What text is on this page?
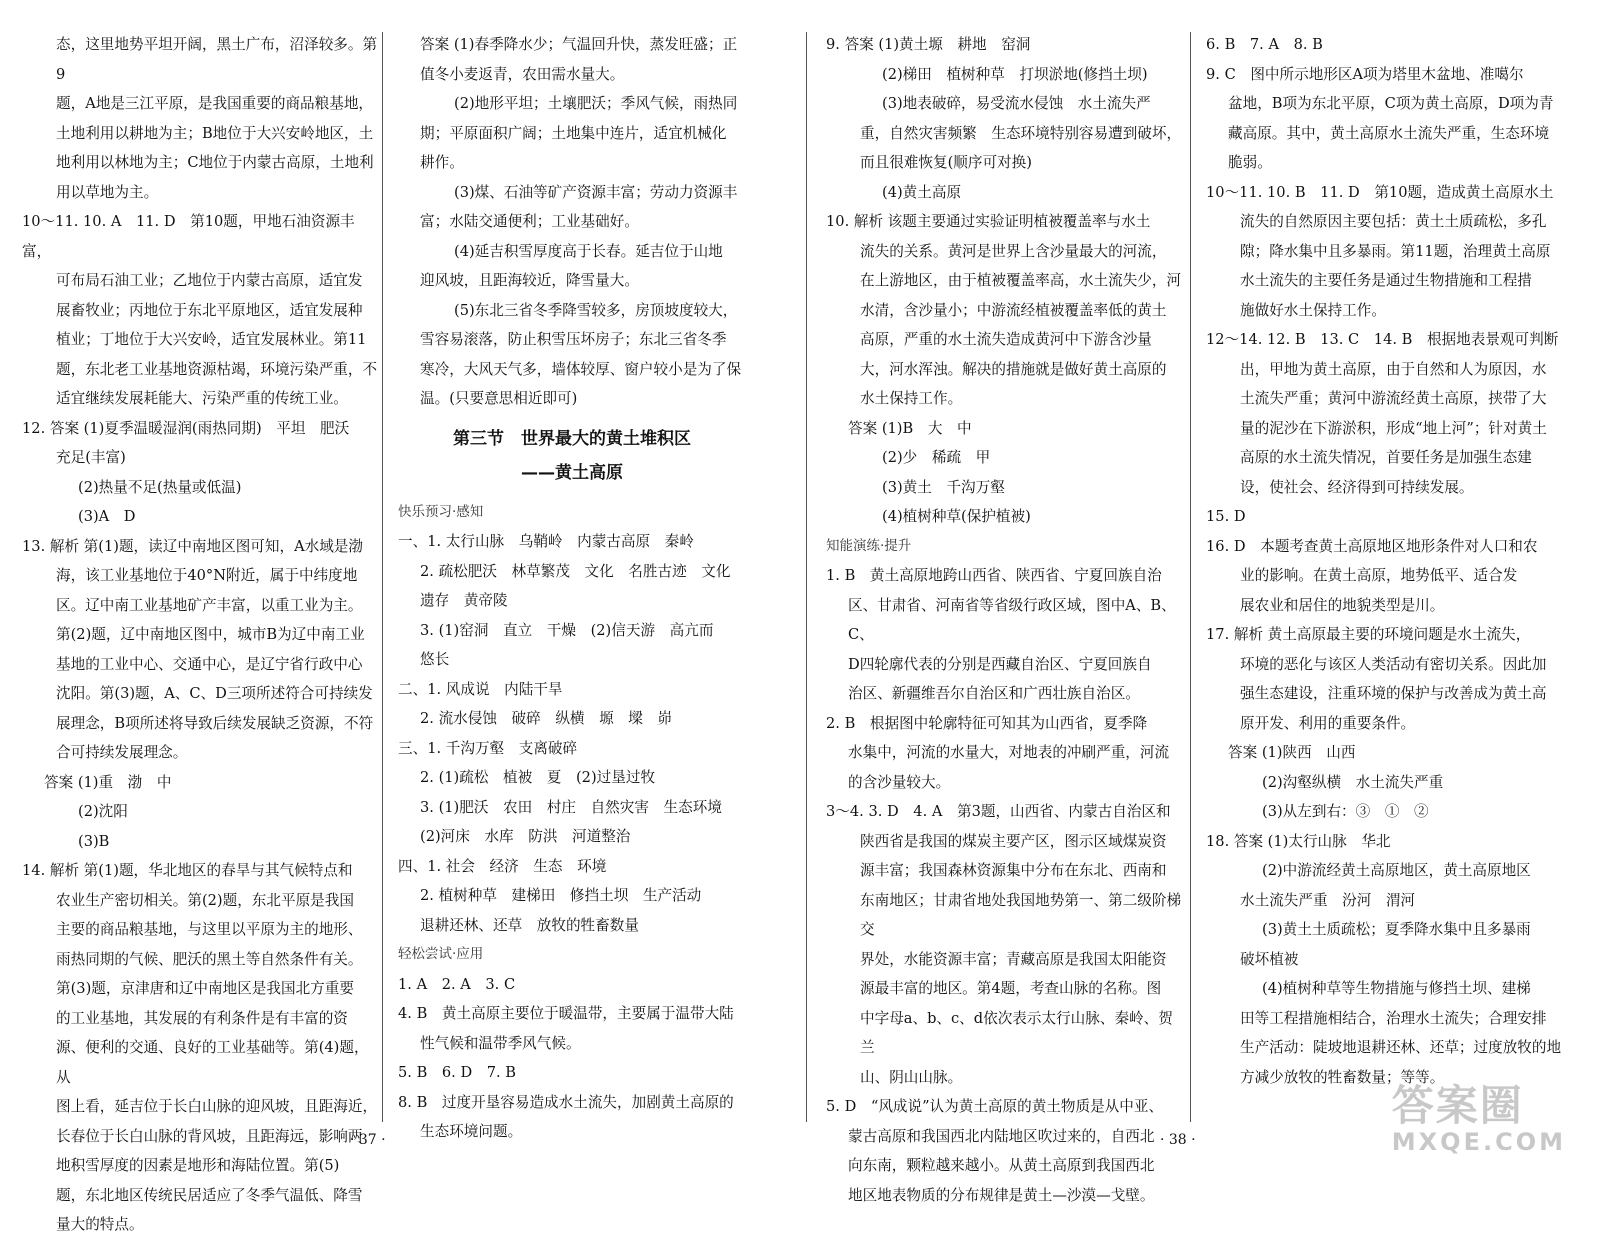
态，这里地势平坦开阔，黑土广布，沼泽较多。第9
题，A地是三江平原，是我国重要的商品粮基地，
土地利用以耕地为主；B地位于大兴安岭地区，土
地利用以林地为主；C地位于内蒙古高原，土地利
用以草地为主。
10～11. 10. A　11. D　第10题，甲地石油资源丰富，
可布局石油工业；乙地位于内蒙古高原，适宜发
展畜牧业；丙地位于东北平原地区，适宜发展种
植业；丁地位于大兴安岭，适宜发展林业。第11
题，东北老工业基地资源枯竭，环境污染严重，不
适宜继续发展耗能大、污染严重的传统工业。
12. 答案 (1)夏季温暖湿润(雨热同期)　平坦　肥沃
充足(丰富)
(2)热量不足(热量或低温)
(3)A　D
13. 解析 第(1)题，读辽中南地区图可知，A水域是渤
海，该工业基地位于40°N附近，属于中纬度地
区。辽中南工业基地矿产丰富，以重工业为主。
第(2)题，辽中南地区图中，城市B为辽中南工业
基地的工业中心、交通中心，是辽宁省行政中心
沈阳。第(3)题，A、C、D三项所述符合可持续发
展理念，B项所述将导致后续发展缺乏资源，不符
合可持续发展理念。
答案 (1)重　渤　中
(2)沈阳
(3)B
14. 解析 第(1)题，华北地区的春旱与其气候特点和
农业生产密切相关。第(2)题，东北平原是我国
主要的商品粮基地，与这里以平原为主的地形、
雨热同期的气候、肥沃的黑土等自然条件有关。
第(3)题，京津唐和辽中南地区是我国北方重要
的工业基地，其发展的有利条件是有丰富的资
源、便利的交通、良好的工业基础等。第(4)题，从
图上看，延吉位于长白山脉的迎风坡，且距海近，
长春位于长白山脉的背风坡，且距海远，影响两
地积雪厚度的因素是地形和海陆位置。第(5)
题，东北地区传统民居适应了冬季气温低、降雪
量大的特点。
答案 (1)春季降水少；气温回升快，蒸发旺盛；正
值冬小麦返青，农田需水量大。
(2)地形平坦；土壤肥沃；季风气候，雨热同
期；平原面积广阔；土地集中连片，适宜机械化
耕作。
(3)煤、石油等矿产资源丰富；劳动力资源丰
富；水陆交通便利；工业基础好。
(4)延吉积雪厚度高于长春。延吉位于山地
迎风坡，且距海较近，降雪量大。
(5)东北三省冬季降雪较多，房顶坡度较大，
雪容易滚落，防止积雪压坏房子；东北三省冬季
寒冷，大风天气多，墙体较厚、窗户较小是为了保
温。(只要意思相近即可)
第三节　世界最大的黄土堆积区
——黄土高原
快乐预习·感知
一、1. 太行山脉　乌鞘岭　内蒙古高原　秦岭
2. 疏松肥沃　林草繁茂　文化　名胜古迹　文化
遗存　黄帝陵
3. (1)窑洞　直立　干燥　(2)信天游　高亢而
悠长
二、1. 风成说　内陆干旱
2. 流水侵蚀　破碎　纵横　塬　墚　峁
三、1. 千沟万壑　支离破碎
2. (1)疏松　植被　夏　(2)过垦过牧
3. (1)肥沃　农田　村庄　自然灾害　生态环境
(2)河床　水库　防洪　河道整治
四、1. 社会　经济　生态　环境
2. 植树种草　建梯田　修挡土坝　生产活动
退耕还林、还草　放牧的牲畜数量
轻松尝试·应用
1. A　2. A　3. C
4. B　黄土高原主要位于暖温带，主要属于温带大陆
性气候和温带季风气候。
5. B　6. D　7. B
8. B　过度开垦容易造成水土流失，加剧黄土高原的
生态环境问题。
9. 答案 (1)黄土塬　耕地　窑洞
(2)梯田　植树种草　打坝淤地(修挡土坝)
(3)地表破碎，易受流水侵蚀　水土流失严
重，自然灾害频繁　生态环境特别容易遭到破坏，
而且很难恢复(顺序可对换)
(4)黄土高原
10. 解析 该题主要通过实验证明植被覆盖率与水土
流失的关系。黄河是世界上含沙量最大的河流，
在上游地区，由于植被覆盖率高，水土流失少，河
水清，含沙量小；中游流经植被覆盖率低的黄土
高原，严重的水土流失造成黄河中下游含沙量
大，河水浑浊。解决的措施就是做好黄土高原的
水土保持工作。
答案 (1)B　大　中
(2)少　稀疏　甲
(3)黄土　千沟万壑
(4)植树种草(保护植被)
知能演练·提升
1. B　黄土高原地跨山西省、陕西省、宁夏回族自治
区、甘肃省、河南省等省级行政区域，图中A、B、C、
D四轮廓代表的分别是西藏自治区、宁夏回族自
治区、新疆维吾尔自治区和广西壮族自治区。
2. B　根据图中轮廓特征可知其为山西省，夏季降
水集中，河流的水量大，对地表的冲刷严重，河流
的含沙量较大。
3～4. 3. D　4. A　第3题，山西省、内蒙古自治区和
陕西省是我国的煤炭主要产区，图示区域煤炭资
源丰富；我国森林资源集中分布在东北、西南和
东南地区；甘肃省地处我国地势第一、第二级阶梯交
界处，水能资源丰富；青藏高原是我国太阳能资
源最丰富的地区。第4题，考查山脉的名称。图
中字母a、b、c、d依次表示太行山脉、秦岭、贺兰
山、阴山山脉。
5. D　“风成说”认为黄土高原的黄土物质是从中亚、
蒙古高原和我国西北内陆地区吹过来的，自西北
向东南，颗粒越来越小。从黄土高原到我国西北
地区地表物质的分布规律是黄土—沙漠—戈壁。
6. B　7. A　8. B
9. C　图中所示地形区A项为塔里木盆地、准噶尔
盆地，B项为东北平原，C项为黄土高原，D项为青
藏高原。其中，黄土高原水土流失严重，生态环境
脆弱。
10～11. 10. B　11. D　第10题，造成黄土高原水土
流失的自然原因主要包括：黄土土质疏松，多孔
隙；降水集中且多暴雨。第11题，治理黄土高原
水土流失的主要任务是通过生物措施和工程措
施做好水土保持工作。
12～14. 12. B　13. C　14. B　根据地表景观可判断
出，甲地为黄土高原，由于自然和人为原因，水
土流失严重；黄河中游流经黄土高原，挟带了大
量的泥沙在下游淤积，形成“地上河”；针对黄土
高原的水土流失情况，首要任务是加强生态建
设，使社会、经济得到可持续发展。
15. D
16. D　本题考查黄土高原地区地形条件对人口和农
业的影响。在黄土高原，地势低平、适合发
展农业和居住的地貌类型是川。
17. 解析 黄土高原最主要的环境问题是水土流失，
环境的恶化与该区人类活动有密切关系。因此加
强生态建设，注重环境的保护与改善成为黄土高
原开发、利用的重要条件。
答案 (1)陕西　山西
(2)沟壑纵横　水土流失严重
(3)从左到右：③　①　②
18. 答案 (1)太行山脉　华北
(2)中游流经黄土高原地区，黄土高原地区
水土流失严重　汾河　渭河
(3)黄土土质疏松；夏季降水集中且多暴雨
破坏植被
(4)植树种草等生物措施与修挡土坝、建梯
田等工程措施相结合，治理水土流失；合理安排
生产活动：陡坡地退耕还林、还草；过度放牧的地
方减少放牧的牲畜数量；等等。
· 37 ·	· 38 ·
答案圈
MXQE.COM
